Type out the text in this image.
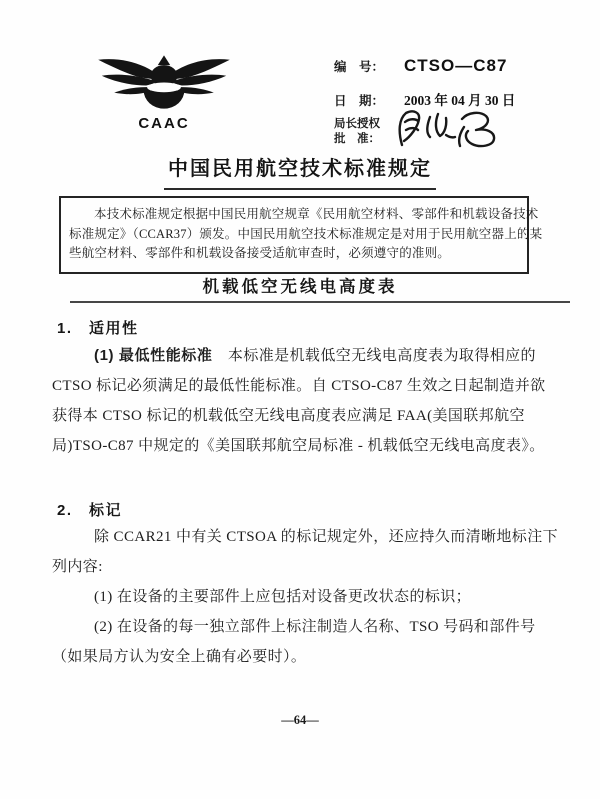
CAAC
编　号：	CTSO—C87
日　期：	2003 年 04 月 30 日
局长授权
批　准：
中国民用航空技术标准规定
本技术标准规定根据中国民用航空规章《民用航空材料、零部件和机载设备技术
标准规定》（CCAR37）颁发。中国民用航空技术标准规定是对用于民用航空器上的某
些航空材料、零部件和机载设备接受适航审查时，必须遵守的准则。
机载低空无线电高度表
1.　适用性
(1) 最低性能标准　本标准是机载低空无线电高度表为取得相应的
CTSO 标记必须满足的最低性能标准。自 CTSO-C87 生效之日起制造并欲
获得本 CTSO 标记的机载低空无线电高度表应满足 FAA(美国联邦航空
局)TSO-C87 中规定的《美国联邦航空局标准 - 机载低空无线电高度表》。
2.　标记
除 CCAR21 中有关 CTSOA 的标记规定外，还应持久而清晰地标注下
列内容:
(1) 在设备的主要部件上应包括对设备更改状态的标识；
(2) 在设备的每一独立部件上标注制造人名称、TSO 号码和部件号
（如果局方认为安全上确有必要时）。
—64—
